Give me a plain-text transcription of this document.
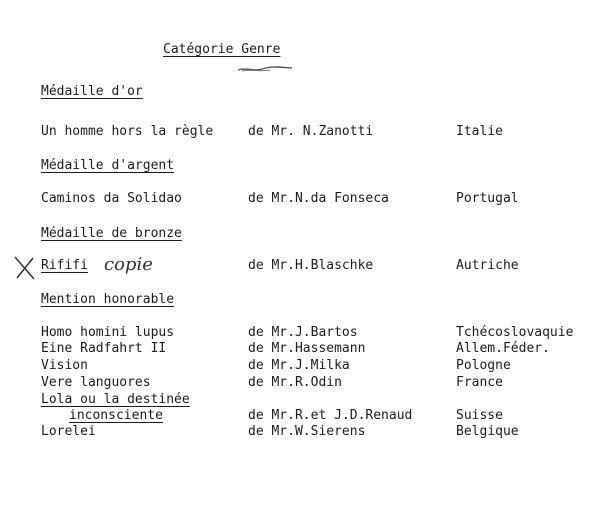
Catégorie Genre
Médaille d'or
Un homme hors la règle	de Mr. N.Zanotti	Italie
Médaille d'argent
Caminos da Solidao	de Mr.N.da Fonseca	Portugal
Médaille de bronze
Rififi copie	de Mr.H.Blaschke	Autriche
Mention honorable
Homo homini lupus	de Mr.J.Bartos	Tchécoslovaquie
Eine Radfahrt II	de Mr.Hassemann	Allem.Féder.
Vision	de Mr.J.Milka	Pologne
Vere languores	de Mr.R.Odin	France
Lola ou la destinée
inconsciente	de Mr.R.et J.D.Renaud	Suisse
Lorelei	de Mr.W.Sierens	Belgique
